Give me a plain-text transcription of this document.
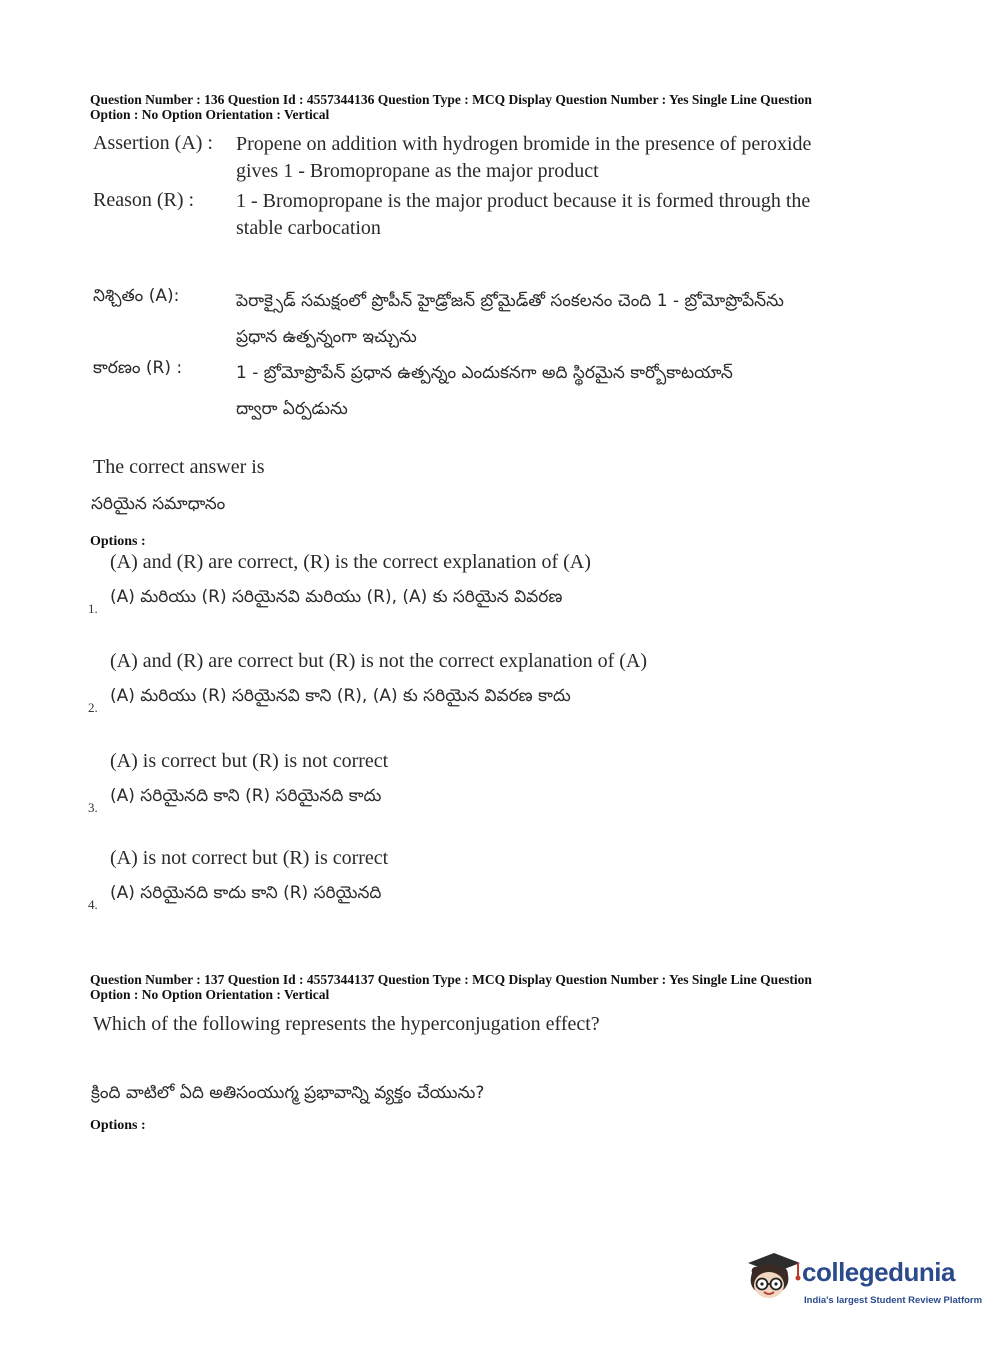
Question Number : 136 Question Id : 4557344136 Question Type : MCQ Display Question Number : Yes Single Line Question
Option : No Option Orientation : Vertical
Assertion (A) : Propene on addition with hydrogen bromide in the presence of peroxide
gives 1 - Bromopropane as the major product
Reason (R) : 1 - Bromopropane is the major product because it is formed through the
stable carbocation
నిశ్చితం (A):	పెరాక్సైడ్ సమక్షంలో ప్రొపీన్ హైడ్రోజన్ బ్రోమైడ్‌తో సంకలనం చెంది 1 - బ్రోమోప్రొపేన్‌ను
ప్రధాన ఉత్పన్నంగా ఇచ్చును
కారణం (R) :	1 - బ్రోమోప్రొపేన్ ప్రధాన ఉత్పన్నం ఎందుకనగా అది స్థిరమైన కార్బోకాటయాన్
ద్వారా ఏర్పడును
The correct answer is
సరియైన సమాధానం
Options :
(A) and (R) are correct, (R) is the correct explanation of (A)
(A) మరియు (R) సరియైనవి మరియు (R), (A) కు సరియైన వివరణ
1.
(A) and (R) are correct but (R) is not the correct explanation of (A)
(A) మరియు (R) సరియైనవి కాని (R), (A) కు సరియైన వివరణ కాదు
2.
(A) is correct but (R) is not correct
(A) సరియైనది కాని (R) సరియైనది కాదు
3.
(A) is not correct but (R) is correct
(A) సరియైనది కాదు కాని (R) సరియైనది
4.
Question Number : 137 Question Id : 4557344137 Question Type : MCQ Display Question Number : Yes Single Line Question
Option : No Option Orientation : Vertical
Which of the following represents the hyperconjugation effect?
క్రింది వాటిలో ఏది అతిసంయుగ్మ ప్రభావాన్ని వ్యక్తం చేయును?
Options :
collegedunia
India's largest Student Review Platform
